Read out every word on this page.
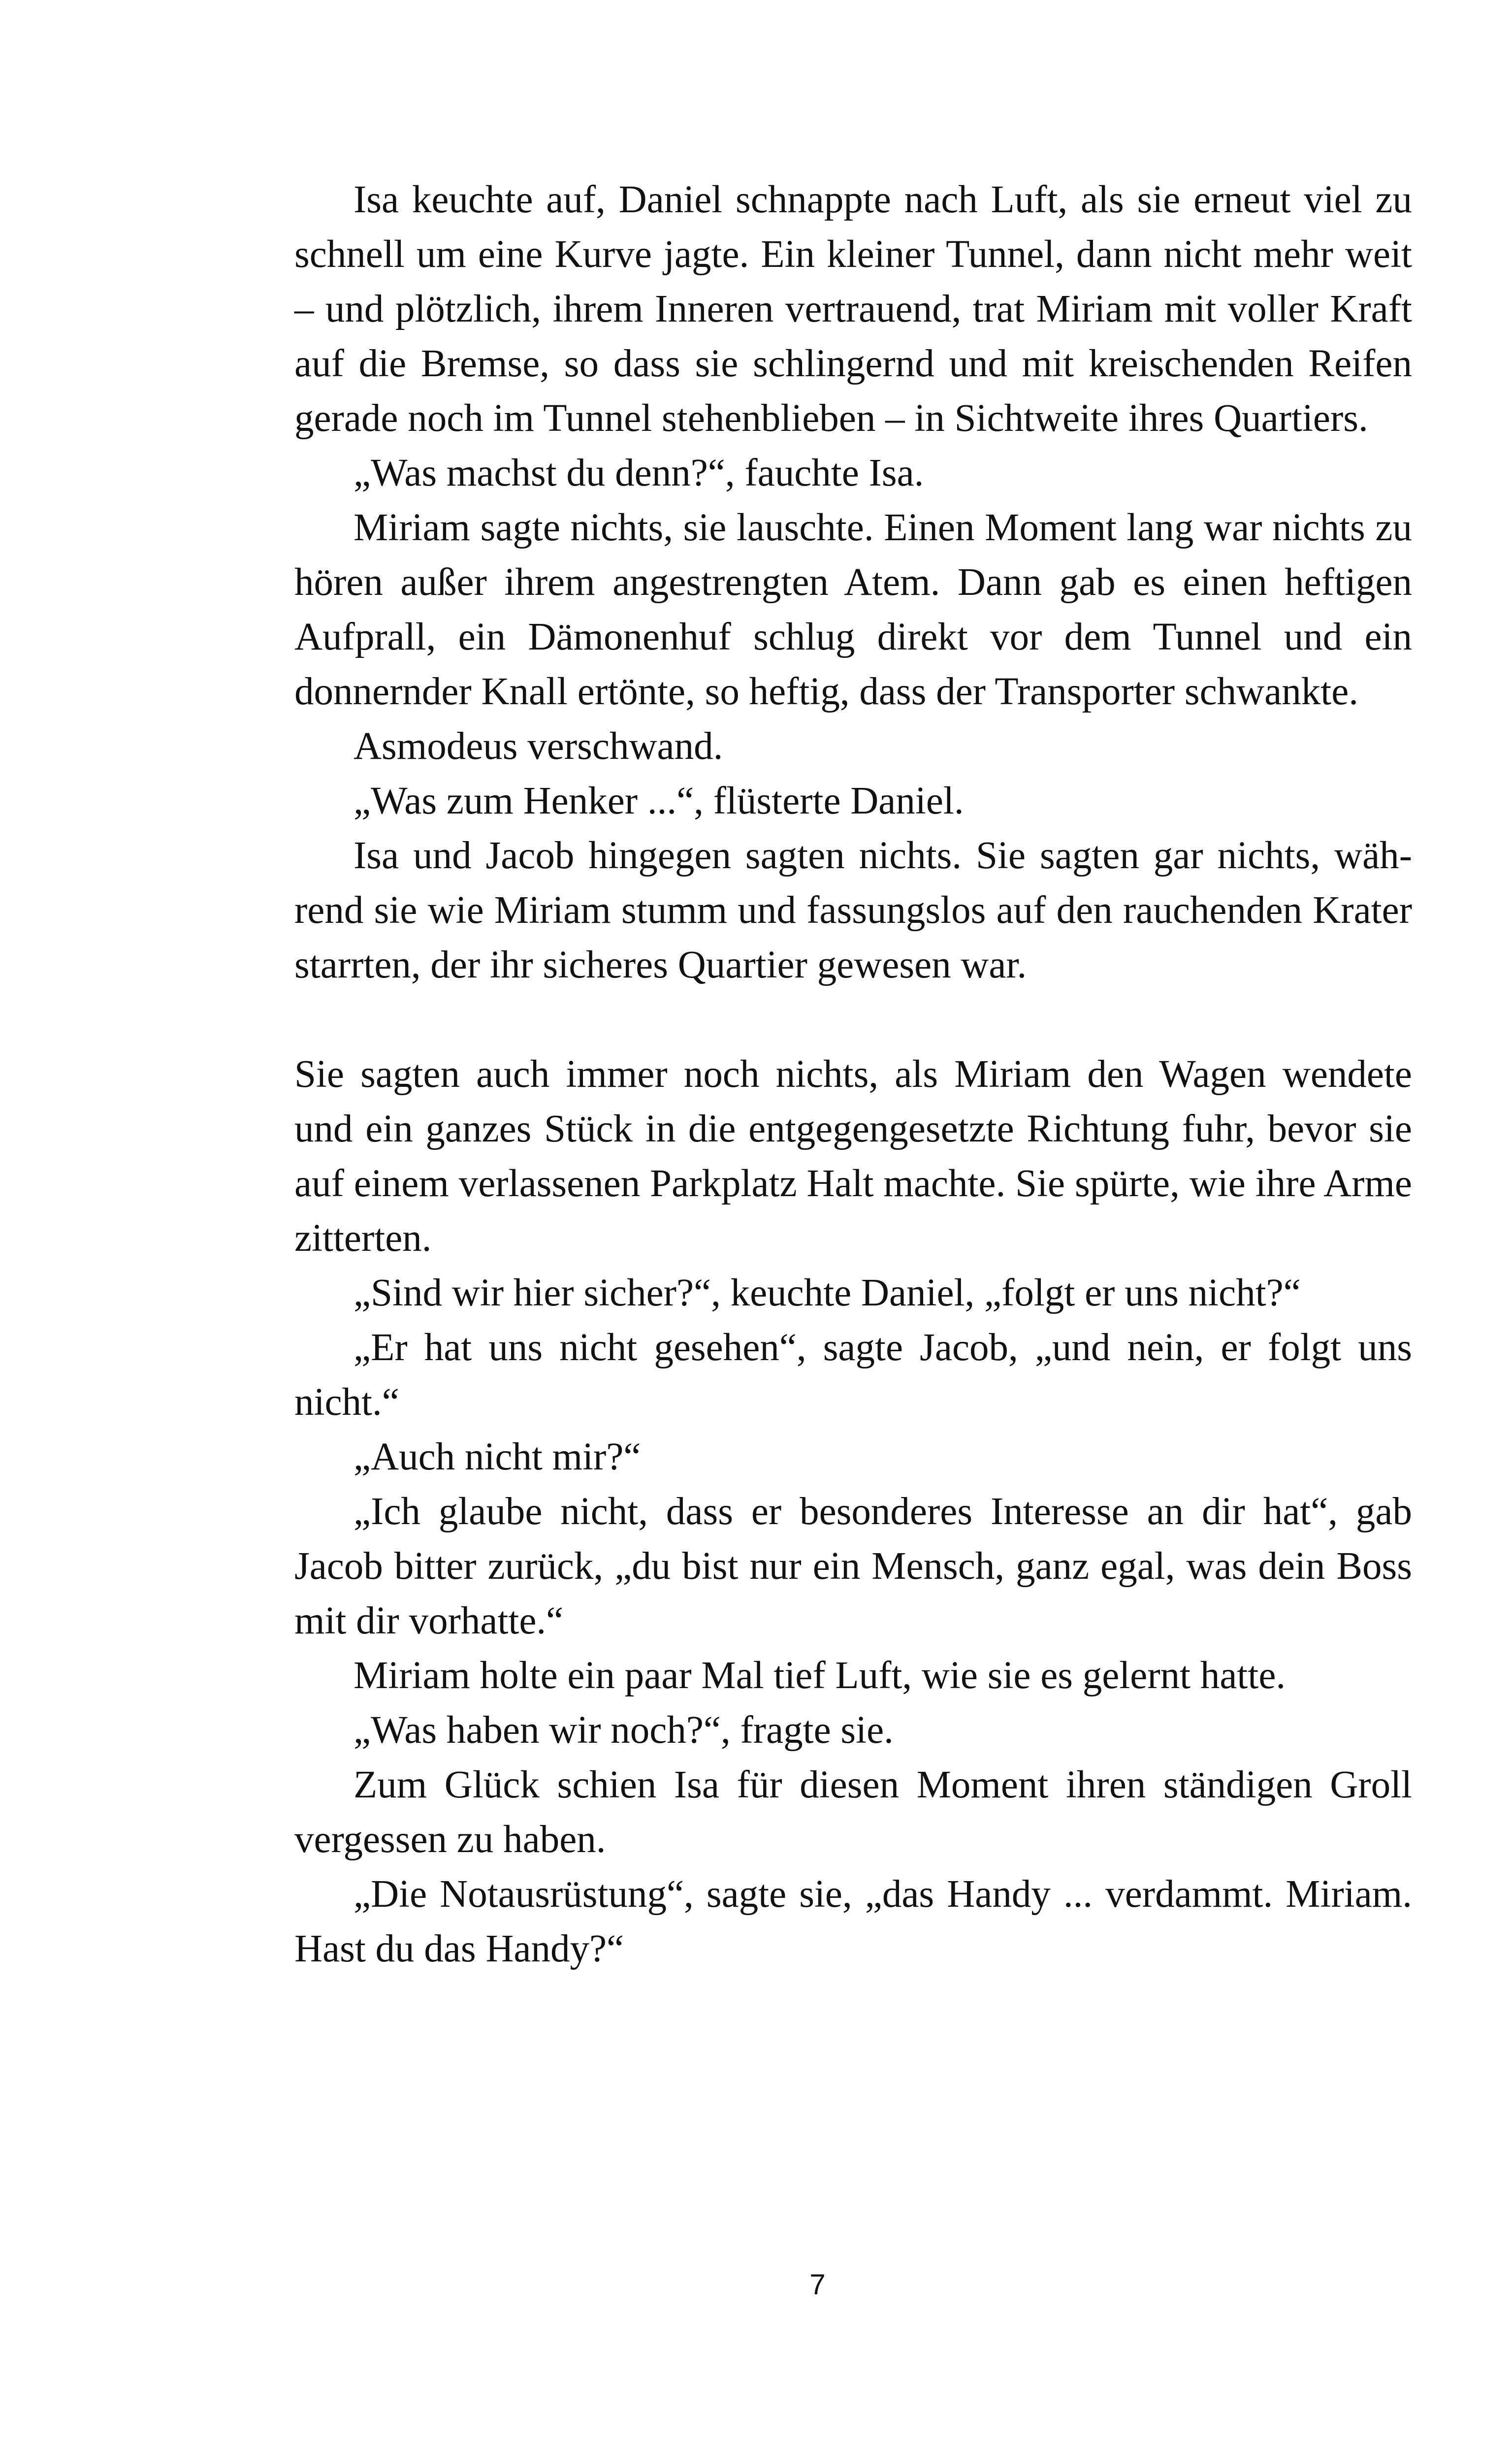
Isa keuchte auf, Daniel schnappte nach Luft, als sie erneut viel zu schnell um eine Kurve jagte. Ein kleiner Tunnel, dann nicht mehr weit – und plötzlich, ihrem Inneren vertrauend, trat Miriam mit voller Kraft auf die Bremse, so dass sie schlingernd und mit kreischenden Reifen gerade noch im Tunnel stehenblieben – in Sichtweite ihres Quartiers.

„Was machst du denn?“, fauchte Isa.

Miriam sagte nichts, sie lauschte. Einen Moment lang war nichts zu hören außer ihrem angestrengten Atem. Dann gab es einen heftigen Aufprall, ein Dämonenhuf schlug direkt vor dem Tunnel und ein donnernder Knall ertönte, so heftig, dass der Transporter schwankte.

Asmodeus verschwand.

„Was zum Henker ...“, flüsterte Daniel.

Isa und Jacob hingegen sagten nichts. Sie sagten gar nichts, während sie wie Miriam stumm und fassungslos auf den rauchenden Krater starrten, der ihr sicheres Quartier gewesen war.

Sie sagten auch immer noch nichts, als Miriam den Wagen wendete und ein ganzes Stück in die entgegengesetzte Richtung fuhr, bevor sie auf einem verlassenen Parkplatz Halt machte. Sie spürte, wie ihre Arme zitterten.

„Sind wir hier sicher?“, keuchte Daniel, „folgt er uns nicht?“

„Er hat uns nicht gesehen“, sagte Jacob, „und nein, er folgt uns nicht.“

„Auch nicht mir?“

„Ich glaube nicht, dass er besonderes Interesse an dir hat“, gab Jacob bitter zurück, „du bist nur ein Mensch, ganz egal, was dein Boss mit dir vorhatte.“

Miriam holte ein paar Mal tief Luft, wie sie es gelernt hatte.

„Was haben wir noch?“, fragte sie.

Zum Glück schien Isa für diesen Moment ihren ständigen Groll vergessen zu haben.

„Die Notausrüstung“, sagte sie, „das Handy ... verdammt. Miriam. Hast du das Handy?“

7
